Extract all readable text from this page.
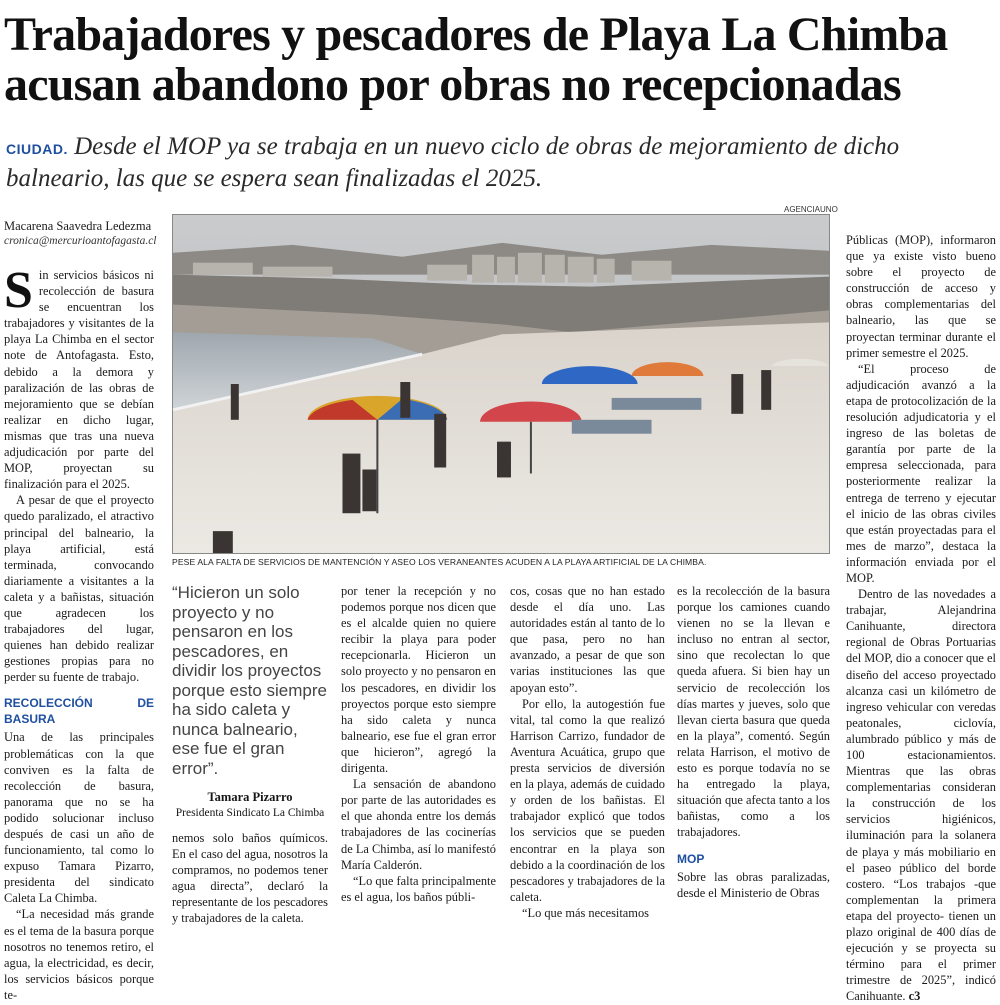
Trabajadores y pescadores de Playa La Chimba
acusan abandono por obras no recepcionadas
CIUDAD. Desde el MOP ya se trabaja en un nuevo ciclo de obras de mejoramiento de dicho balneario, las que se espera sean finalizadas el 2025.
Macarena Saavedra Ledezma
cronica@mercurioantofagasta.cl

Sin servicios básicos ni recolección de basura se encuentran los trabajadores y visitantes de la playa La Chimba en el sector note de Antofagasta. Esto, debido a la demora y paralización de las obras de mejoramiento que se debían realizar en dicho lugar, mismas que tras una nueva adjudicación por parte del MOP, proyectan su finalización para el 2025.

A pesar de que el proyecto quedo paralizado, el atractivo principal del balneario, la playa artificial, está terminada, convocando diariamente a visitantes a la caleta y a bañistas, situación que agradecen los trabajadores del lugar, quienes han debido realizar gestiones propias para no perder su fuente de trabajo.

RECOLECCIÓN DE BASURA

Una de las principales problemáticas con la que conviven es la falta de recolección de basura, panorama que no se ha podido solucionar incluso después de casi un año de funcionamiento, tal como lo expuso Tamara Pizarro, presidenta del sindicato Caleta La Chimba.

“La necesidad más grande es el tema de la basura porque nosotros no tenemos retiro, el agua, la electricidad, es decir, los servicios básicos porque te-

AGENCIAUNO
PESE ALA FALTA DE SERVICIOS DE MANTENCIÓN Y ASEO LOS VERANEANTES ACUDEN A LA PLAYA ARTIFICIAL DE LA CHIMBA.
“Hicieron un solo proyecto y no pensaron en los pescadores, en dividir los proyectos porque esto siempre ha sido caleta y nunca balneario, ese fue el gran error”.
Tamara Pizarro
Presidenta Sindicato La Chimba

nemos solo baños químicos. En el caso del agua, nosotros la compramos, no podemos tener agua directa”, declaró la representante de los pescadores y trabajadores de la caleta.

por tener la recepción y no podemos porque nos dicen que es el alcalde quien no quiere recibir la playa para poder recepcionarla. Hicieron un solo proyecto y no pensaron en los pescadores, en dividir los proyectos porque esto siempre ha sido caleta y nunca balneario, ese fue el gran error que hicieron”, agregó la dirigenta.

La sensación de abandono por parte de las autoridades es el que ahonda entre los demás trabajadores de las cocinerías de La Chimba, así lo manifestó María Calderón.

“Lo que falta principalmente es el agua, los baños públi-

cos, cosas que no han estado desde el día uno. Las autoridades están al tanto de lo que pasa, pero no han avanzado, a pesar de que son varias instituciones las que apoyan esto”.

Por ello, la autogestión fue vital, tal como la que realizó Harrison Carrizo, fundador de Aventura Acuática, grupo que presta servicios de diversión en la playa, además de cuidado y orden de los bañistas. El trabajador explicó que todos los servicios que se pueden encontrar en la playa son debido a la coordinación de los pescadores y trabajadores de la caleta.

“Lo que más necesitamos

es la recolección de la basura porque los camiones cuando vienen no se la llevan e incluso no entran al sector, sino que recolectan lo que queda afuera. Si bien hay un servicio de recolección los días martes y jueves, solo que llevan cierta basura que queda en la playa”, comentó. Según relata Harrison, el motivo de esto es porque todavía no se ha entregado la playa, situación que afecta tanto a los bañistas, como a los trabajadores.

MOP

Sobre las obras paralizadas, desde el Ministerio de Obras

Públicas (MOP), informaron que ya existe visto bueno sobre el proyecto de construcción de acceso y obras complementarias del balneario, las que se proyectan terminar durante el primer semestre el 2025.

“El proceso de adjudicación avanzó a la etapa de protocolización de la resolución adjudicatoria y el ingreso de las boletas de garantía por parte de la empresa seleccionada, para posteriormente realizar la entrega de terreno y ejecutar el inicio de las obras civiles que están proyectadas para el mes de marzo”, destaca la información enviada por el MOP.

Dentro de las novedades a trabajar, Alejandrina Canihuante, directora regional de Obras Portuarias del MOP, dio a conocer que el diseño del acceso proyectado alcanza casi un kilómetro de ingreso vehicular con veredas peatonales, ciclovía, alumbrado público y más de 100 estacionamientos. Mientras que las obras complementarias consideran la construcción de los servicios higiénicos, iluminación para la solanera de playa y más mobiliario en el paseo público del borde costero. “Los trabajos -que complementan la primera etapa del proyecto- tienen un plazo original de 400 días de ejecución y se proyecta su término para el primer trimestre de 2025”, indicó Canihuante. c3
